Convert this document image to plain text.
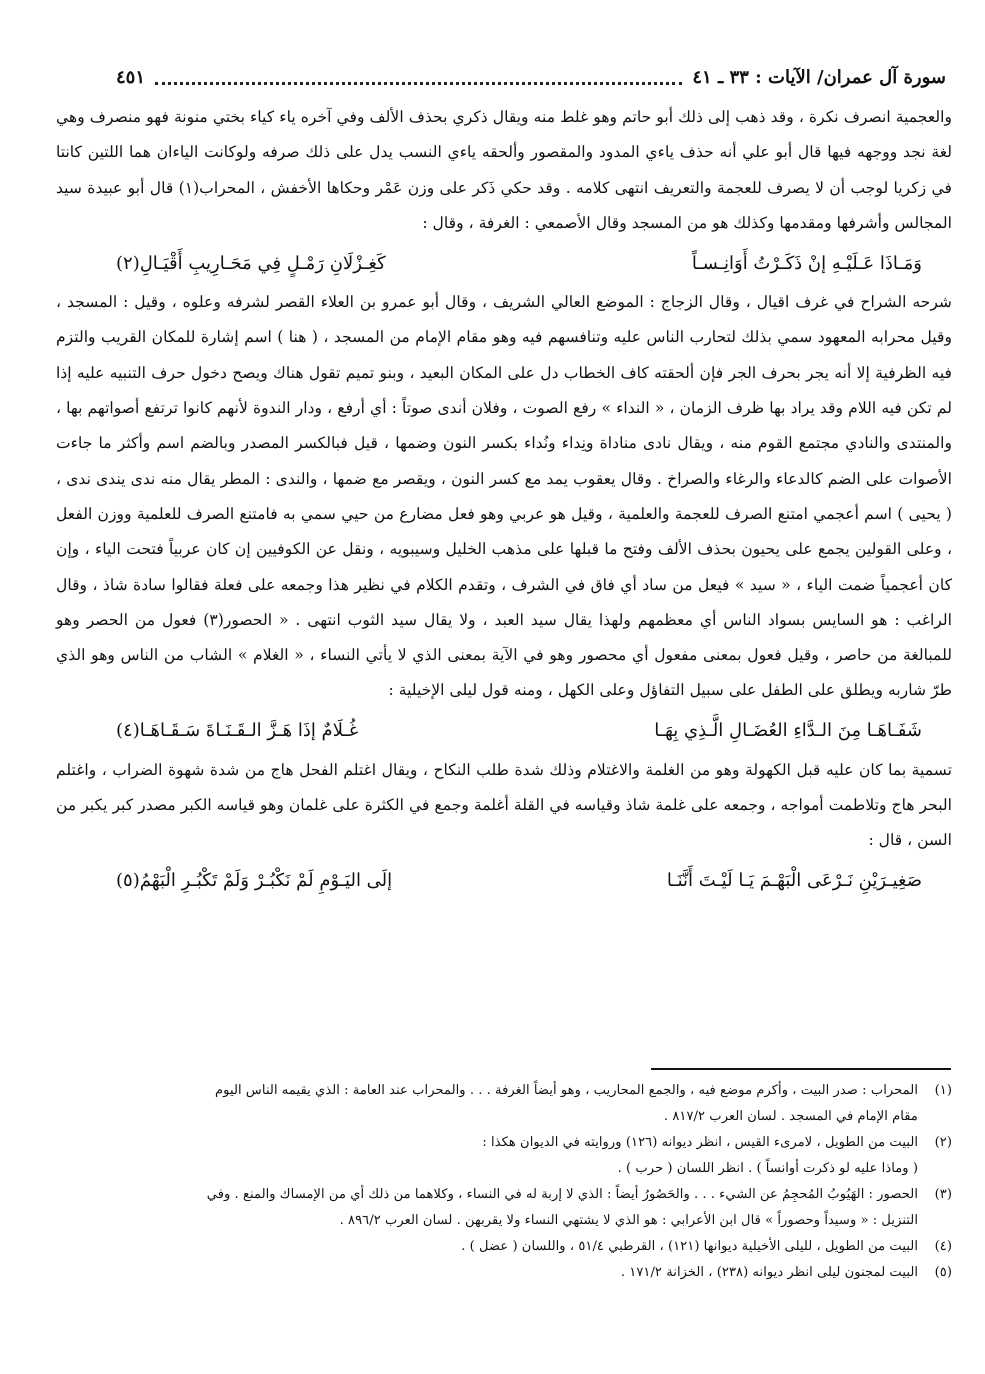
سورة آل عمران/ الآيات : ٣٣ ـ ٤١
٤٥١

والعجمية انصرف نكرة ، وقد ذهب إلى ذلك أبو حاتم وهو غلط منه ويقال ذكري بحذف الألف وفي آخره ياء كياء بختي منونة فهو منصرف وهي لغة نجد ووجهه فيها قال أبو علي أنه حذف ياءي المدود والمقصور وألحقه ياءي النسب يدل على ذلك صرفه ولوكانت الياءان هما اللتين كانتا في زكريا لوجب أن لا يصرف للعجمة والتعريف انتهى كلامه . وقد حكي ذَكر على وزن عَمْر وحكاها الأخفش ، المحراب(١) قال أبو عبيدة سيد المجالس وأشرفها ومقدمها وكذلك هو من المسجد وقال الأصمعي : الغرفة ، وقال :

وَمَـاذَا عَـلَيْـهِ إنْ ذَكَـرْتُ أَوَانِـسـاً
كَغِـزْلَانِ رَمْـلٍ فِي مَحَـارِيبِ أَقْيَـالِ(٢)

شرحه الشراح في غرف اقيال ، وقال الزجاج : الموضع العالي الشريف ، وقال أبو عمرو بن العلاء القصر لشرفه وعلوه ، وقيل : المسجد ، وقيل محرابه المعهود سمي بذلك لتحارب الناس عليه وتنافسهم فيه وهو مقام الإمام من المسجد ، ( هنا ) اسم إشارة للمكان القريب والتزم فيه الظرفية إلا أنه يجر بحرف الجر فإن ألحقته كاف الخطاب دل على المكان البعيد ، وبنو تميم تقول هناك ويصح دخول حرف التنبيه عليه إذا لم تكن فيه اللام وقد يراد بها ظرف الزمان ، « النداء » رفع الصوت ، وفلان أندى صوتاً : أي أرفع ، ودار الندوة لأنهم كانوا ترتفع أصواتهم بها ، والمنتدى والنادي مجتمع القوم منه ، ويقال نادى مناداة ونِداء ونُداء بكسر النون وضمها ، قيل فبالكسر المصدر وبالضم اسم وأكثر ما جاءت الأصوات على الضم كالدعاء والرغاء والصراخ . وقال يعقوب يمد مع كسر النون ، ويقصر مع ضمها ، والندى : المطر يقال منه ندى يندى ندى ، ( يحيى ) اسم أعجمي امتنع الصرف للعجمة والعلمية ، وقيل هو عربي وهو فعل مضارع من حيي سمي به فامتنع الصرف للعلمية ووزن الفعل ، وعلى القولين يجمع على يحيون بحذف الألف وفتح ما قبلها على مذهب الخليل وسيبويه ، ونقل عن الكوفيين إن كان عربياً فتحت الياء ، وإن كان أعجمياً ضمت الياء ، « سيد » فيعل من ساد أي فاق في الشرف ، وتقدم الكلام في نظير هذا وجمعه على فعلة فقالوا سادة شاذ ، وقال الراغب : هو السايس بسواد الناس أي معظمهم ولهذا يقال سيد العبد ، ولا يقال سيد الثوب انتهى . « الحصور(٣) فعول من الحصر وهو للمبالغة من حاصر ، وقيل فعول بمعنى مفعول أي محصور وهو في الآية بمعنى الذي لا يأتي النساء ، « الغلام » الشاب من الناس وهو الذي طرّ شاربه ويطلق على الطفل على سبيل التفاؤل وعلى الكهل ، ومنه قول ليلى الإخيلية :

شَفَـاهَـا مِنَ الـدَّاءِ العُضَـالِ الَّـذِي بِهَـا
غُـلَامٌ إذَا هَـزَّ الـقَـنَـاةَ سَـقَـاهَـا(٤)

تسمية بما كان عليه قبل الكهولة وهو من الغلمة والاغتلام وذلك شدة طلب النكاح ، ويقال اغتلم الفحل هاج من شدة شهوة الضراب ، واغتلم البحر هاج وتلاطمت أمواجه ، وجمعه على غلمة شاذ وقياسه في القلة أغلمة وجمع في الكثرة على غلمان وهو قياسه الكبر مصدر كبر يكبر من السن ، قال :

صَغِيـرَيْنِ نَـرْعَى الْبَهْـمَ يَـا لَيْـتَ أَنَّنَـا
إلَى اليَـوْمِ لَمْ نَكْبُـرْ وَلَمْ تَكْبُـرِ الْبَهْمُ(٥)

(١)المحراب : صدر البيت ، وأكرم موضع فيه ، والجمع المحاريب ، وهو أيضاً الغرفة . . . والمحراب عند العامة : الذي يقيمه الناس اليوم

مقام الإمام في المسجد . لسان العرب ٨١٧/٢ .

(٢)البيت من الطويل ، لامرىء القيس ، انظر ديوانه (١٢٦) وروايته في الديوان هكذا :

( وماذا عليه لو ذكرت أوانساً ) . انظر اللسان ( حرب ) .

(٣)الحصور : الهَيُوبُ المُحجِمُ عن الشيء . . . والحَصُورُ أيضاً : الذي لا إربة له في النساء ، وكلاهما من ذلك أي من الإمساك والمنع . وفي

التنزيل : « وسيداً وحصوراً » قال ابن الأعرابي : هو الذي لا يشتهي النساء ولا يقربهن . لسان العرب ٨٩٦/٢ .

(٤)البيت من الطويل ، لليلى الأخيلية ديوانها (١٢١) ، القرطبي ٥١/٤ ، واللسان ( عضل ) .

(٥)البيت لمجنون ليلى انظر ديوانه (٢٣٨) ، الخزانة ١٧١/٢ .
